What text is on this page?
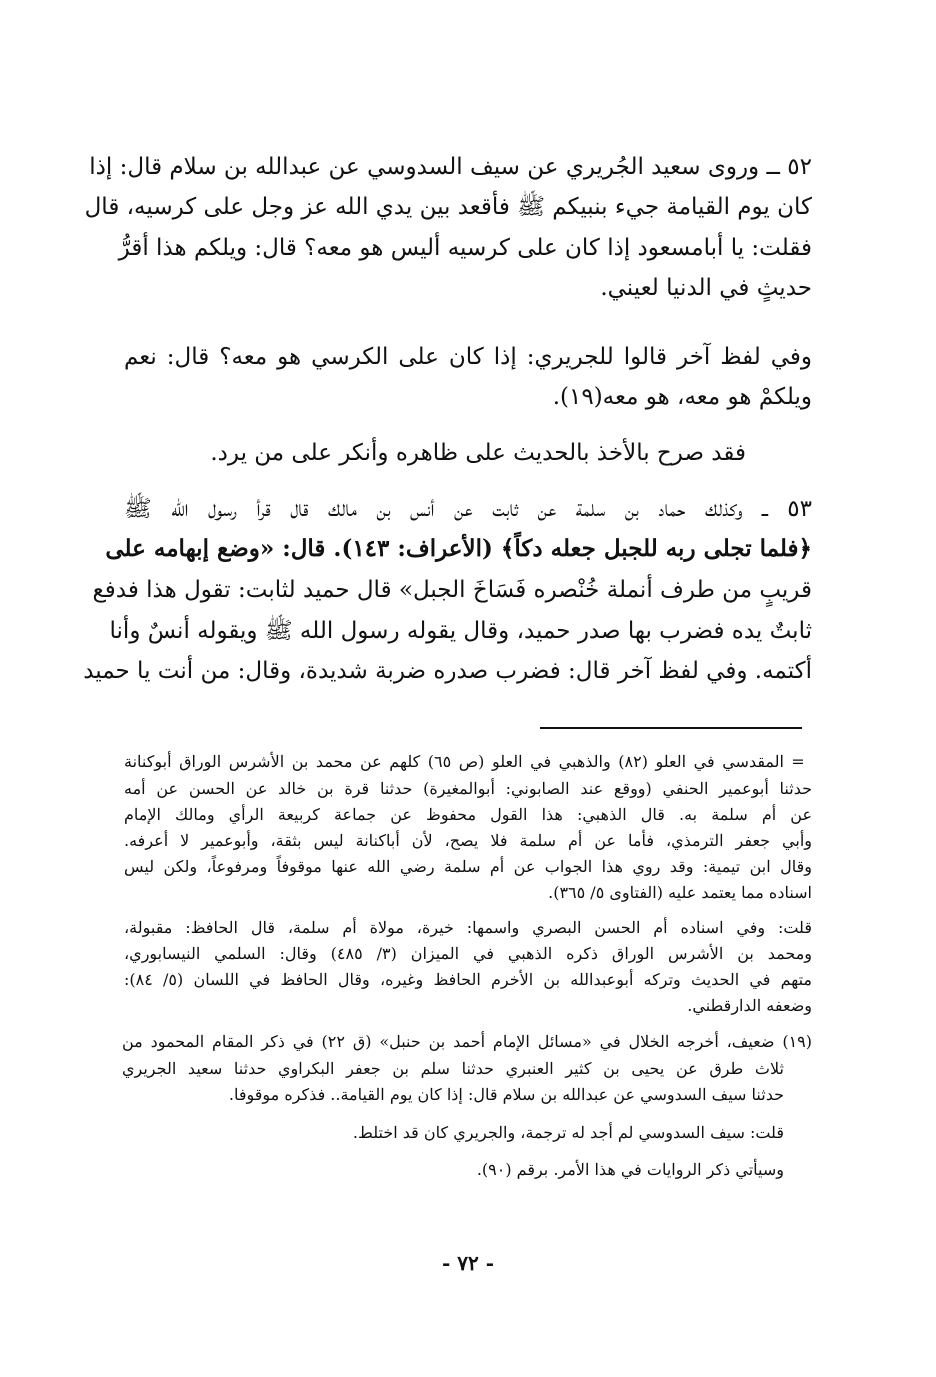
٥٢ ــ وروى سعيد الجُريري عن سيف السدوسي عن عبدالله بن سلام قال: إذا

كان يوم القيامة جيء بنبيكم ﷺ فأقعد بين يدي الله عز وجل على كرسيه، قال

فقلت: يا أبامسعود إذا كان على كرسيه أليس هو معه؟ قال: ويلكم هذا أقرُّ

حديثٍ في الدنيا لعيني.

وفي لفظ آخر قالوا للجريري: إذا كان على الكرسي هو معه؟ قال: نعم

ويلكمْ هو معه، هو معه(١٩).

فقد صرح بالأخذ بالحديث على ظاهره وأنكر على من يرد.

٥٣ ــ وكذلك حماد بن سلمة عن ثابت عن أنس بن مالك قال قرأ رسول الله ﷺ

﴿فلما تجلى ربه للجبل جعله دكاً﴾ (الأعراف: ١٤٣). قال: «وضع إبهامه على

قريبٍ من طرف أنملة خُنْصره فَسَاخَ الجبل» قال حميد لثابت: تقول هذا فدفع

ثابتٌ يده فضرب بها صدر حميد، وقال يقوله رسول الله ﷺ ويقوله أنسٌ وأنا

أكتمه. وفي لفظ آخر قال: فضرب صدره ضربة شديدة، وقال: من أنت يا حميد

=

المقدسي في العلو (٨٢) والذهبي في العلو (ص ٦٥) كلهم عن محمد بن الأشرس الوراق أبوكنانة

حدثنا أبوعمير الحنفي (ووقع عند الصابوني: أبوالمغيرة) حدثنا قرة بن خالد عن الحسن عن أمه

عن أم سلمة به. قال الذهبي: هذا القول محفوظ عن جماعة كربيعة الرأي ومالك الإمام

وأبي جعفر الترمذي، فأما عن أم سلمة فلا يصح، لأن أباكنانة ليس بثقة، وأبوعمير لا أعرفه.

وقال ابن تيمية: وقد روي هذا الجواب عن أم سلمة رضي الله عنها موقوفاً ومرفوعاً، ولكن ليس

اسناده مما يعتمد عليه (الفتاوى ٥/ ٣٦٥).

قلت: وفي اسناده أم الحسن البصري واسمها: خيرة، مولاة أم سلمة، قال الحافظ: مقبولة،

ومحمد بن الأشرس الوراق ذكره الذهبي في الميزان (٣/ ٤٨٥) وقال: السلمي النيسابوري،

متهم في الحديث وتركه أبوعبدالله بن الأخرم الحافظ وغيره، وقال الحافظ في اللسان (٥/ ٨٤):

وضعفه الدارقطني.

(١٩) ضعيف، أخرجه الخلال في «مسائل الإمام أحمد بن حنبل» (ق ٢٢) في ذكر المقام المحمود من

ثلاث طرق عن يحيى بن كثير العنبري حدثنا سلم بن جعفر البكراوي حدثنا سعيد الجريري

حدثنا سيف السدوسي عن عبدالله بن سلام قال: إذا كان يوم القيامة.. فذكره موقوفا.

قلت: سيف السدوسي لم أجد له ترجمة، والجريري كان قد اختلط.

وسيأتي ذكر الروايات في هذا الأمر. برقم (٩٠).

- ٧٢ -
